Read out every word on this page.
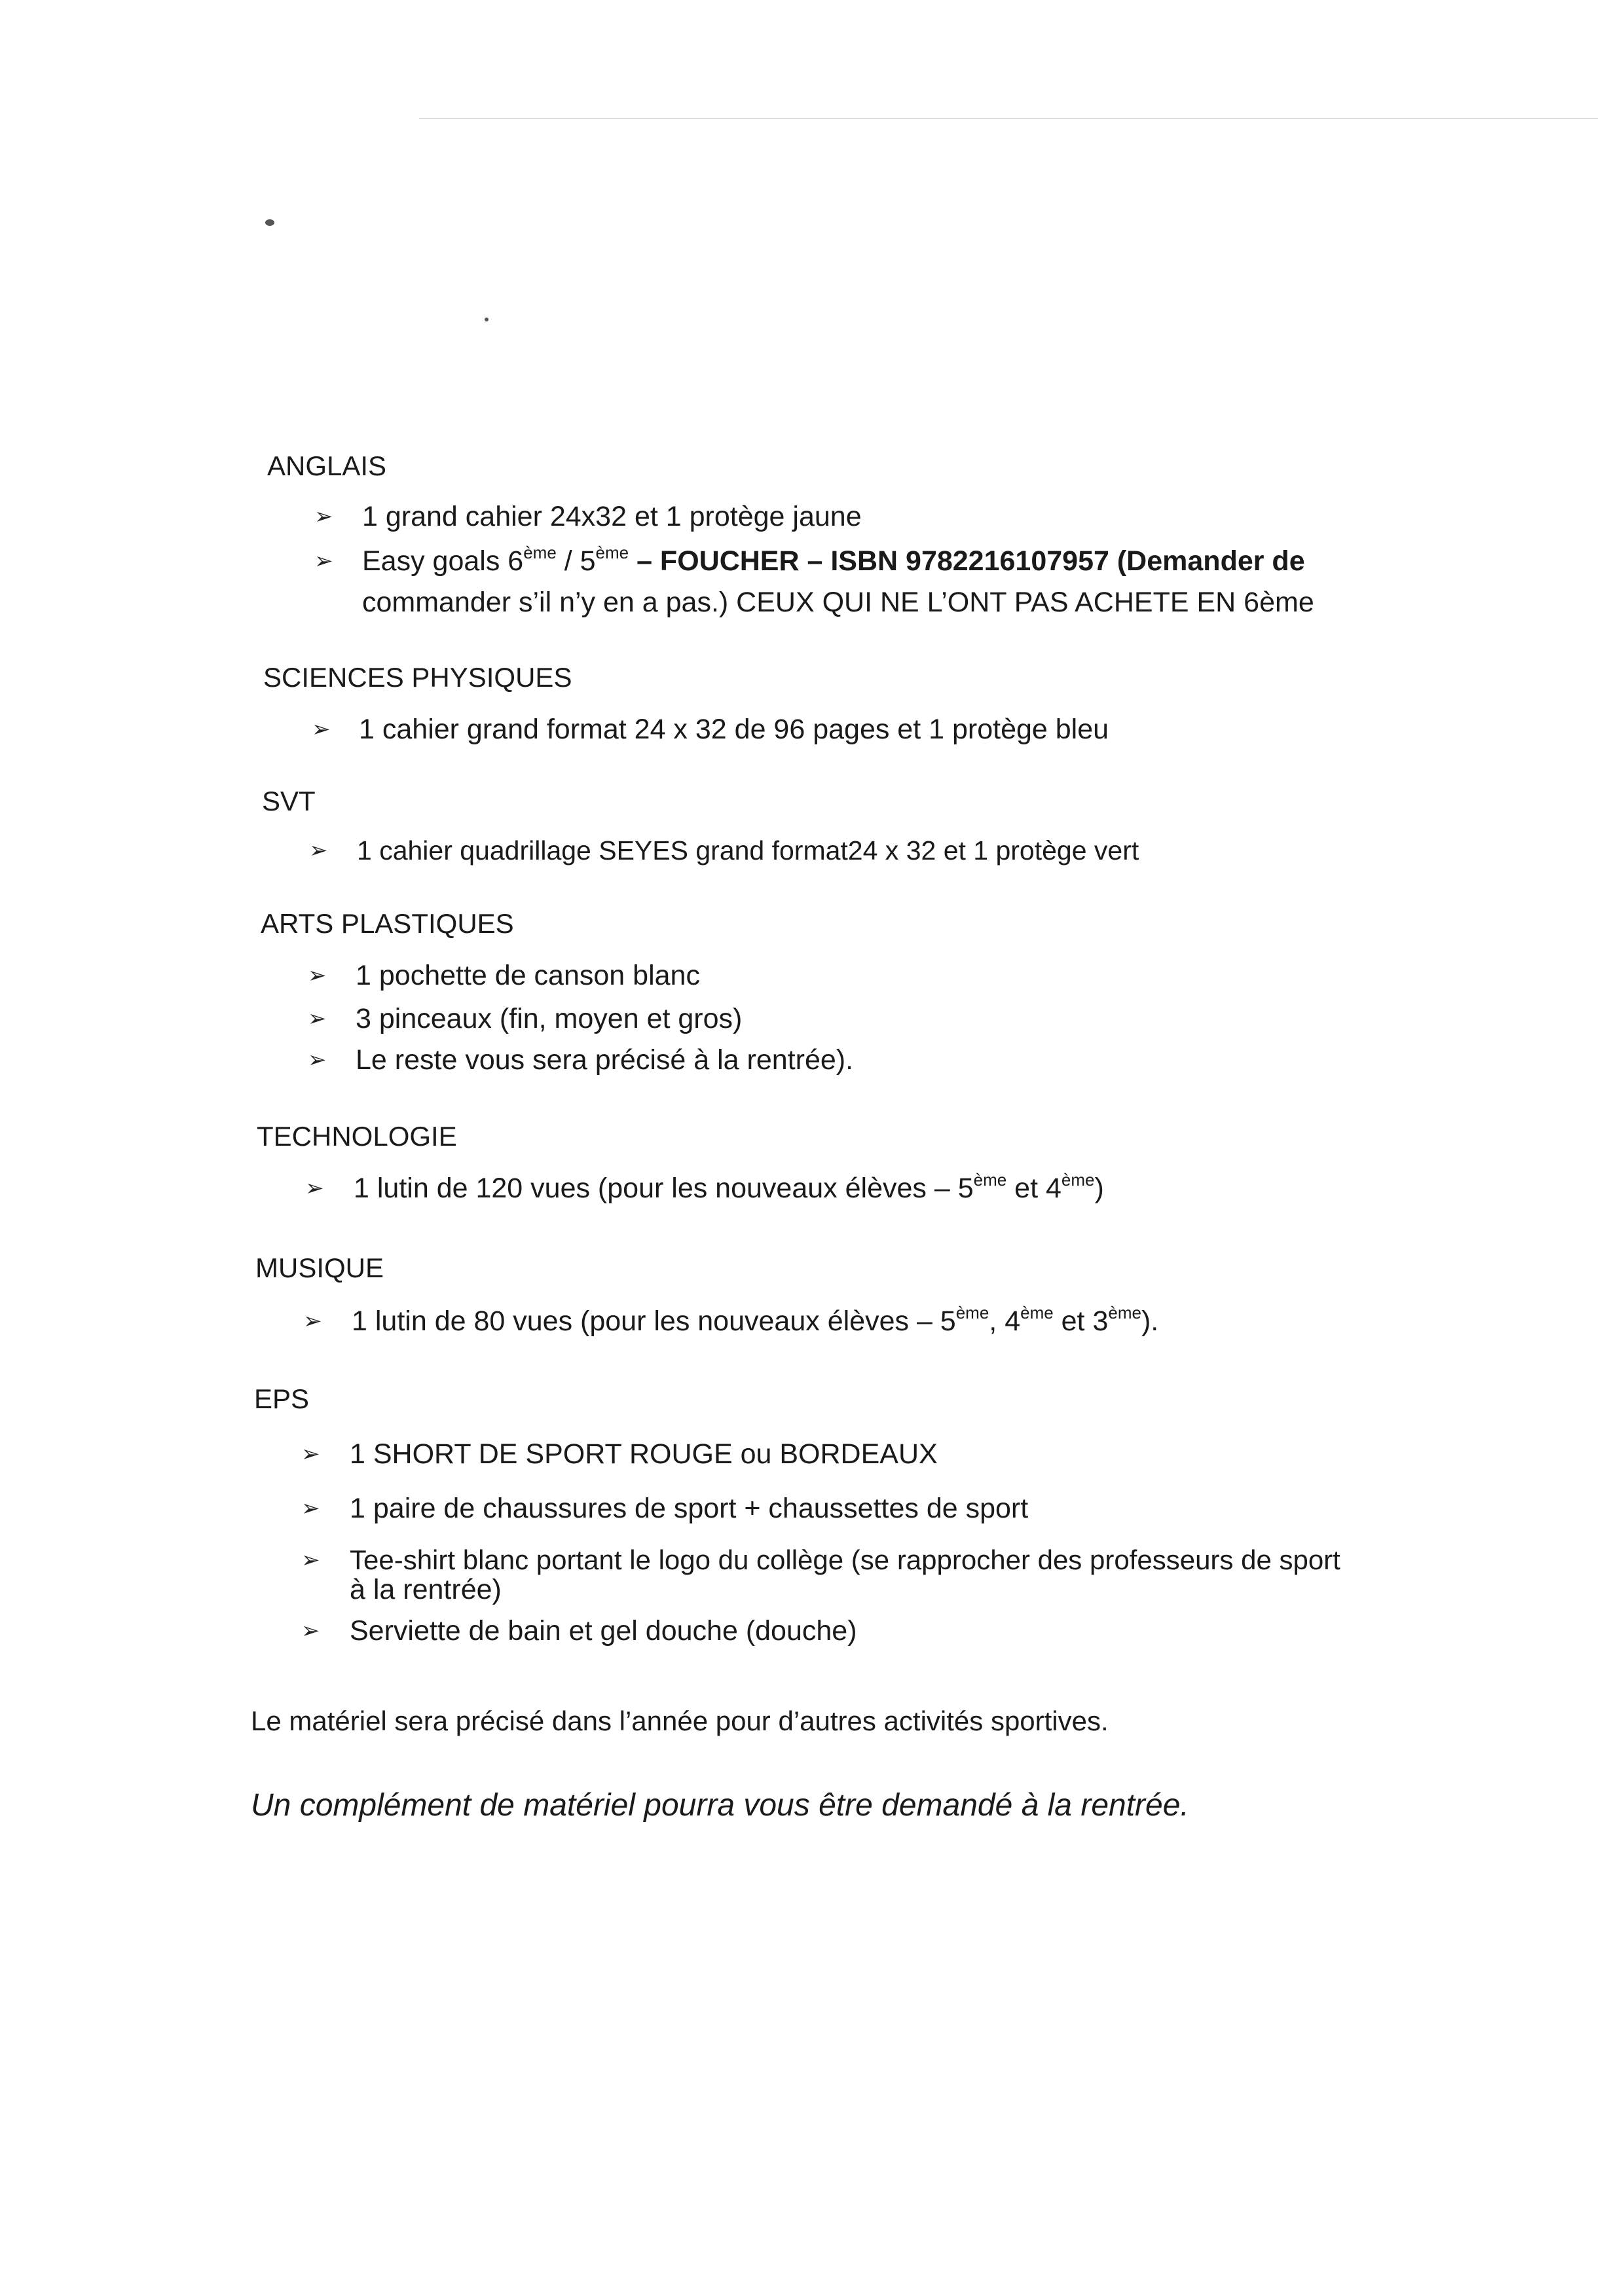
ANGLAIS
➢ 1 grand cahier 24x32 et 1 protège jaune
➢ Easy goals 6ème / 5ème – FOUCHER – ISBN 9782216107957 (Demander de
commander s’il n’y en a pas.) CEUX QUI NE L’ONT PAS ACHETE EN 6ème
SCIENCES PHYSIQUES
➢ 1 cahier grand format 24 x 32 de 96 pages et 1 protège bleu
SVT
➢ 1 cahier quadrillage SEYES grand format24 x 32 et 1 protège vert
ARTS PLASTIQUES
➢ 1 pochette de canson blanc
➢ 3 pinceaux (fin, moyen et gros)
➢ Le reste vous sera précisé à la rentrée).
TECHNOLOGIE
➢ 1 lutin de 120 vues (pour les nouveaux élèves – 5ème et 4ème)
MUSIQUE
➢ 1 lutin de 80 vues (pour les nouveaux élèves – 5ème, 4ème et 3ème).
EPS
➢ 1 SHORT DE SPORT ROUGE ou BORDEAUX
➢ 1 paire de chaussures de sport + chaussettes de sport
➢ Tee-shirt blanc portant le logo du collège (se rapprocher des professeurs de sport
à la rentrée)
➢ Serviette de bain et gel douche (douche)
Le matériel sera précisé dans l’année pour d’autres activités sportives.
Un complément de matériel pourra vous être demandé à la rentrée.
